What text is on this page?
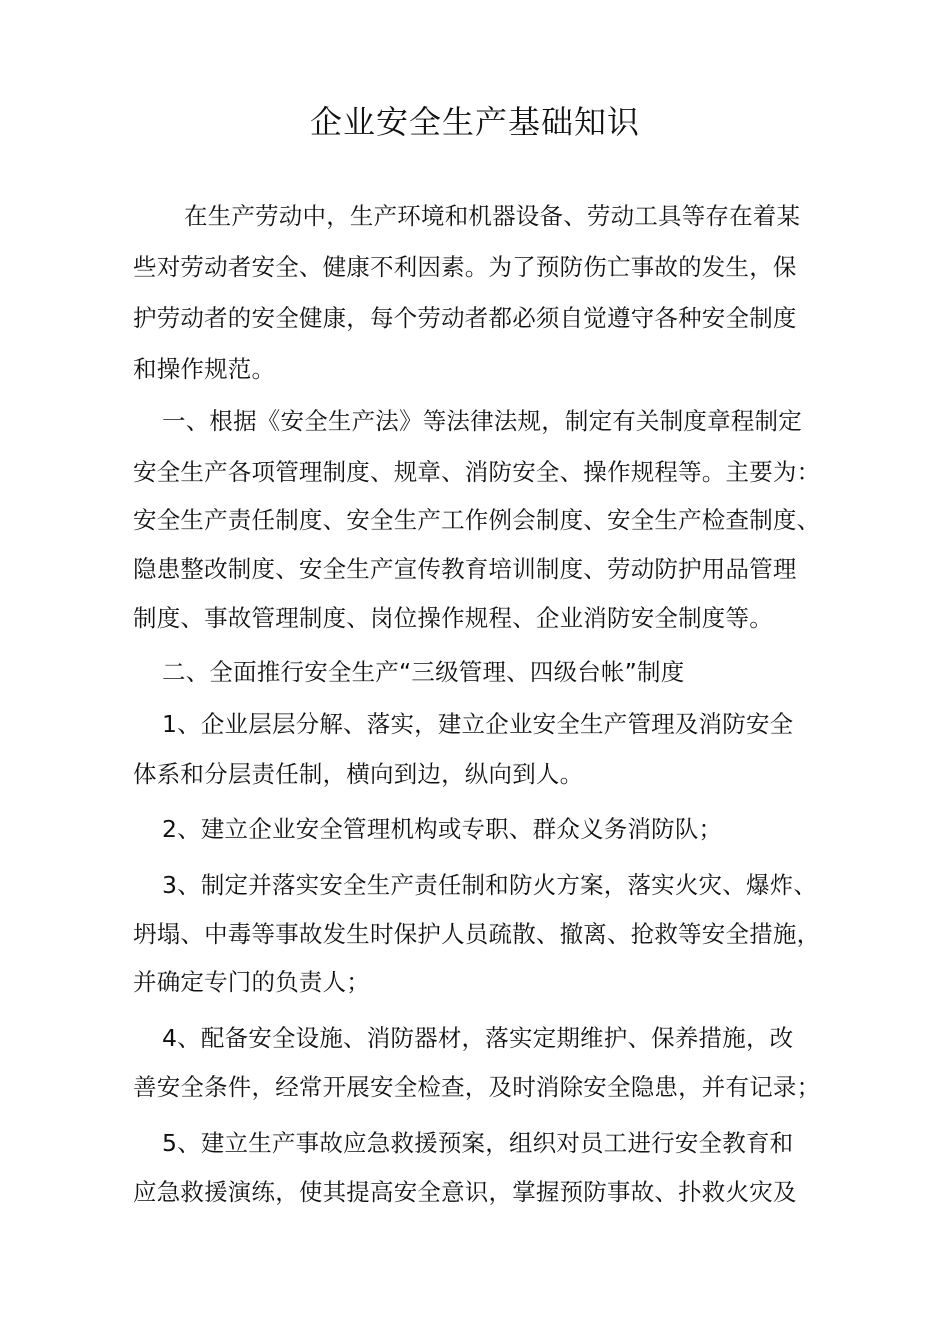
企业安全生产基础知识

在生产劳动中，生产环境和机器设备、劳动工具等存在着某

些对劳动者安全、健康不利因素。为了预防伤亡事故的发生，保

护劳动者的安全健康，每个劳动者都必须自觉遵守各种安全制度

和操作规范。

一、根据《安全生产法》等法律法规，制定有关制度章程制定

安全生产各项管理制度、规章、消防安全、操作规程等。主要为：

安全生产责任制度、安全生产工作例会制度、安全生产检查制度、

隐患整改制度、安全生产宣传教育培训制度、劳动防护用品管理

制度、事故管理制度、岗位操作规程、企业消防安全制度等。

二、全面推行安全生产“三级管理、四级台帐”制度

1、企业层层分解、落实，建立企业安全生产管理及消防安全

体系和分层责任制，横向到边，纵向到人。

2、建立企业安全管理机构或专职、群众义务消防队；

3、制定并落实安全生产责任制和防火方案，落实火灾、爆炸、

坍塌、中毒等事故发生时保护人员疏散、撤离、抢救等安全措施，

并确定专门的负责人；

4、配备安全设施、消防器材，落实定期维护、保养措施，改

善安全条件，经常开展安全检查，及时消除安全隐患，并有记录；

5、建立生产事故应急救援预案，组织对员工进行安全教育和

应急救援演练，使其提高安全意识，掌握预防事故、扑救火灾及
